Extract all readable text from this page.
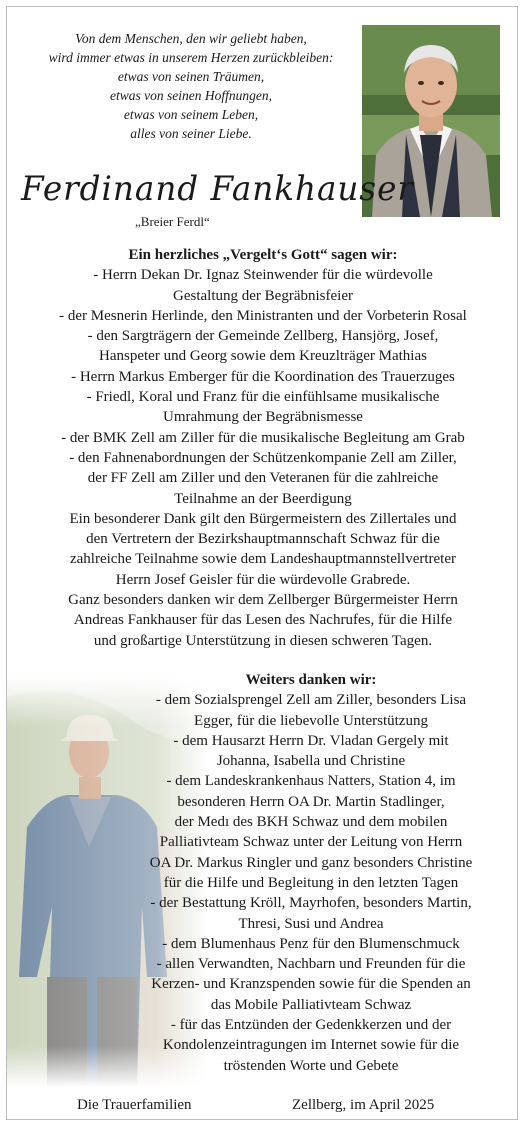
Von dem Menschen, den wir geliebt haben,
wird immer etwas in unserem Herzen zurückbleiben:
etwas von seinen Träumen,
etwas von seinen Hoffnungen,
etwas von seinem Leben,
alles von seiner Liebe.
Ferdinand Fankhauser
„Breier Ferdl“
Ein herzliches „Vergelt‘s Gott“ sagen wir:
- Herrn Dekan Dr. Ignaz Steinwender für die würdevolle
Gestaltung der Begräbnisfeier
- der Mesnerin Herlinde, den Ministranten und der Vorbeterin Rosal
- den Sargträgern der Gemeinde Zellberg, Hansjörg, Josef,
Hanspeter und Georg sowie dem Kreuzlträger Mathias
- Herrn Markus Emberger für die Koordination des Trauerzuges
- Friedl, Koral und Franz für die einfühlsame musikalische
Umrahmung der Begräbnismesse
- der BMK Zell am Ziller für die musikalische Begleitung am Grab
- den Fahnenabordnungen der Schützenkompanie Zell am Ziller,
der FF Zell am Ziller und den Veteranen für die zahlreiche
Teilnahme an der Beerdigung
Ein besonderer Dank gilt den Bürgermeistern des Zillertales und
den Vertretern der Bezirkshauptmannschaft Schwaz für die
zahlreiche Teilnahme sowie dem Landeshauptmannstellvertreter
Herrn Josef Geisler für die würdevolle Grabrede.
Ganz besonders danken wir dem Zellberger Bürgermeister Herrn
Andreas Fankhauser für das Lesen des Nachrufes, für die Hilfe
und großartige Unterstützung in diesen schweren Tagen.
Weiters danken wir:
- dem Sozialsprengel Zell am Ziller, besonders Lisa
Egger, für die liebevolle Unterstützung
- dem Hausarzt Herrn Dr. Vladan Gergely mit
Johanna, Isabella und Christine
- dem Landeskrankenhaus Natters, Station 4, im
besonderen Herrn OA Dr. Martin Stadlinger,
der Medı des BKH Schwaz und dem mobilen
Palliativteam Schwaz unter der Leitung von Herrn
OA Dr. Markus Ringler und ganz besonders Christine
für die Hilfe und Begleitung in den letzten Tagen
- der Bestattung Kröll, Mayrhofen, besonders Martin,
Thresi, Susi und Andrea
- dem Blumenhaus Penz für den Blumenschmuck
- allen Verwandten, Nachbarn und Freunden für die
Kerzen- und Kranzspenden sowie für die Spenden an
das Mobile Palliativteam Schwaz
- für das Entzünden der Gedenkkerzen und der
Kondolenzeintragungen im Internet sowie für die
tröstenden Worte und Gebete
Die Trauerfamilien	Zellberg, im April 2025
